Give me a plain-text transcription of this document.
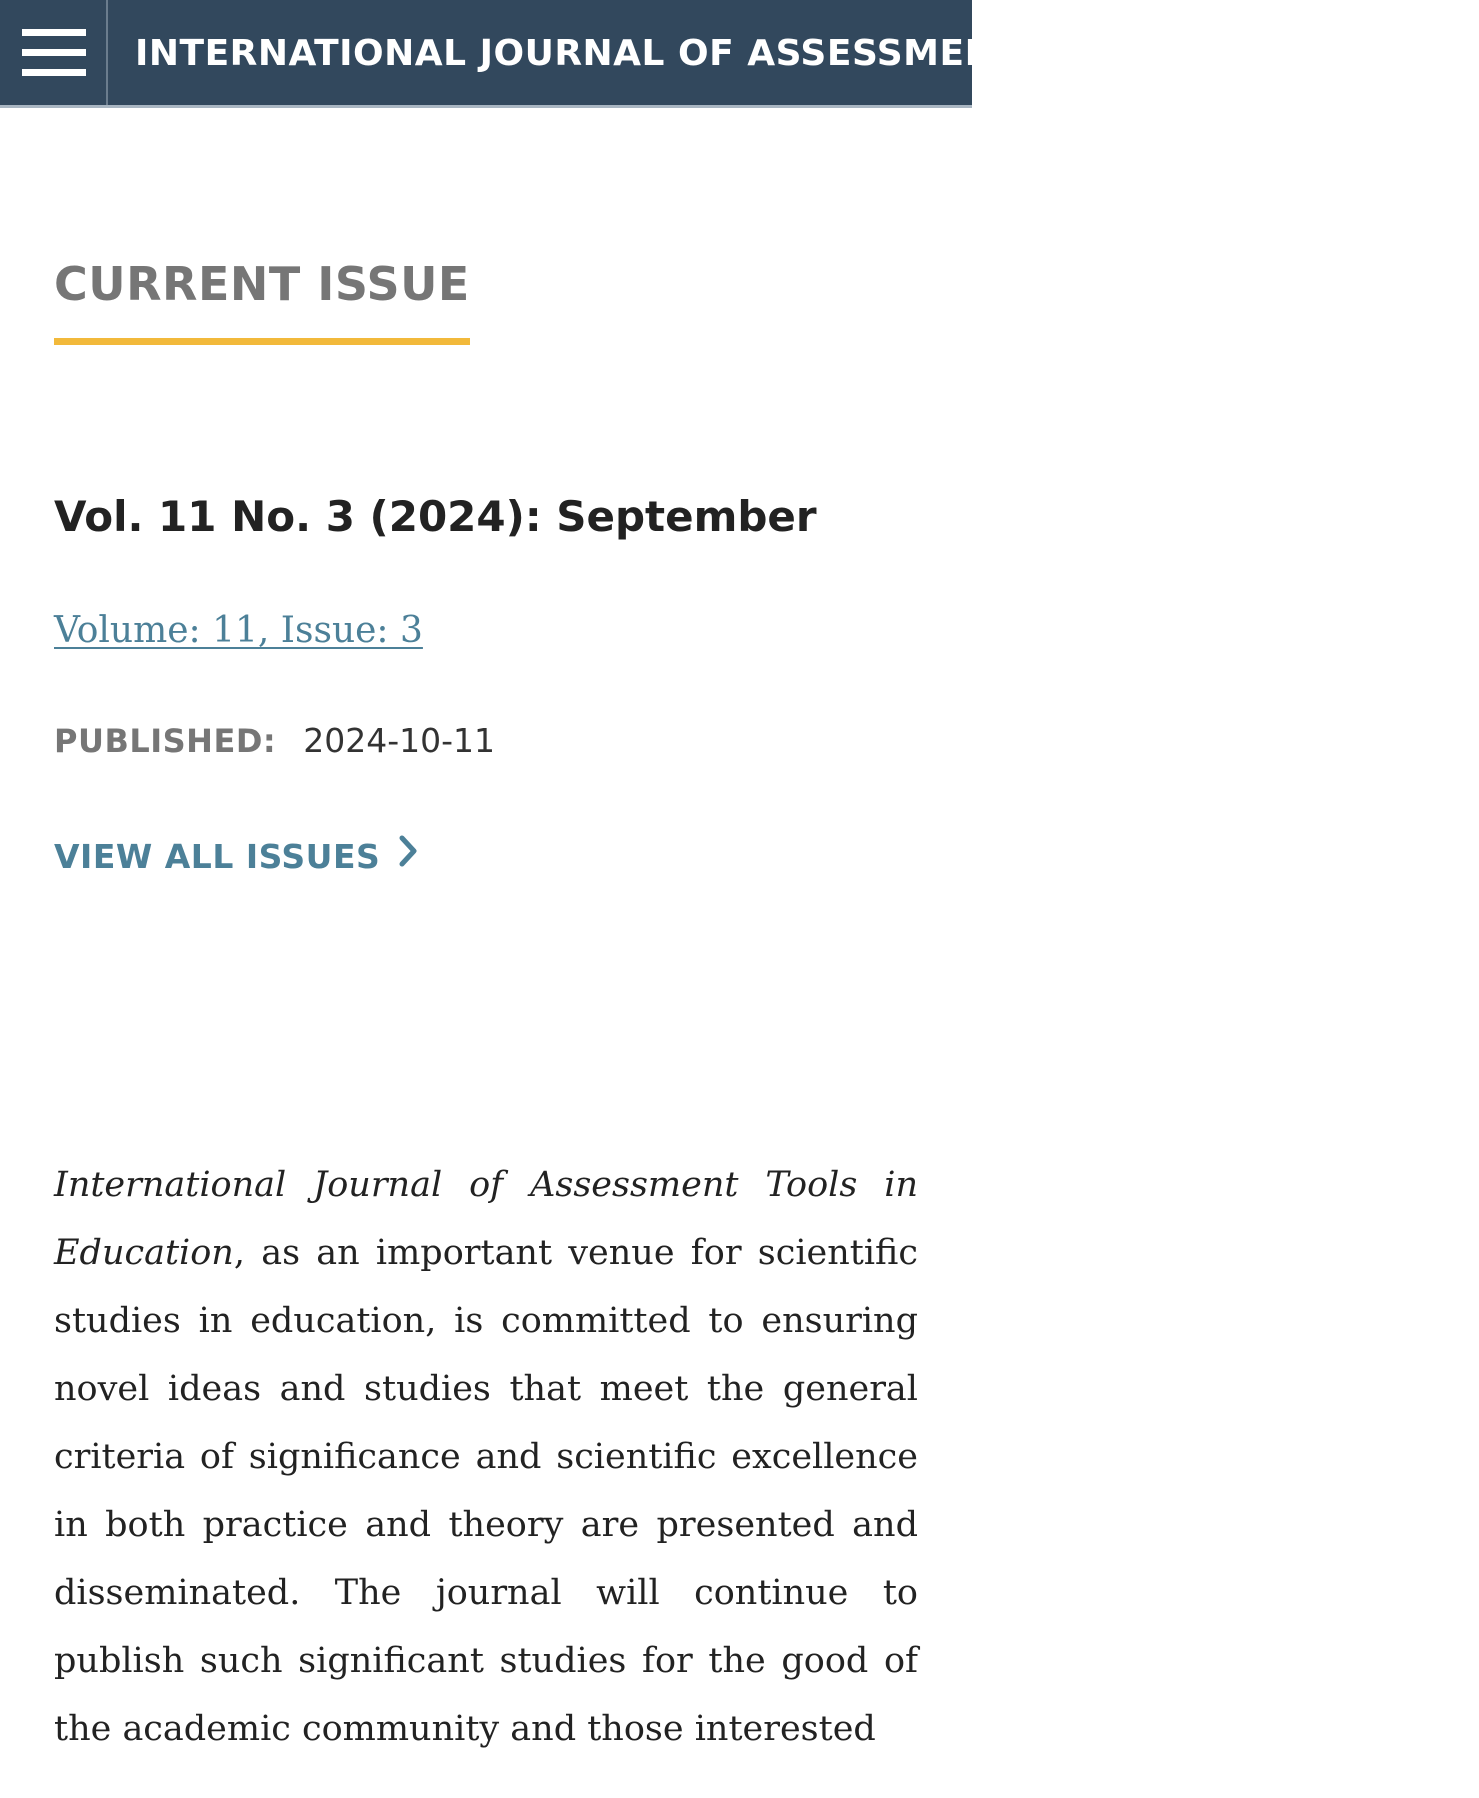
INTERNATIONAL JOURNAL OF ASSESSMENT TOOLS IN EDUCATION
CURRENT ISSUE
Vol. 11 No. 3 (2024): September
Volume: 11, Issue: 3
PUBLISHED: 2024-10-11
VIEW ALL ISSUES

International Journal of Assessment Tools in Education, as an important venue for scientific studies in education, is committed to ensuring novel ideas and studies that meet the general criteria of significance and scientific excellence in both practice and theory are presented and disseminated. The journal will continue to publish such significant studies for the good of the academic community and those interested
